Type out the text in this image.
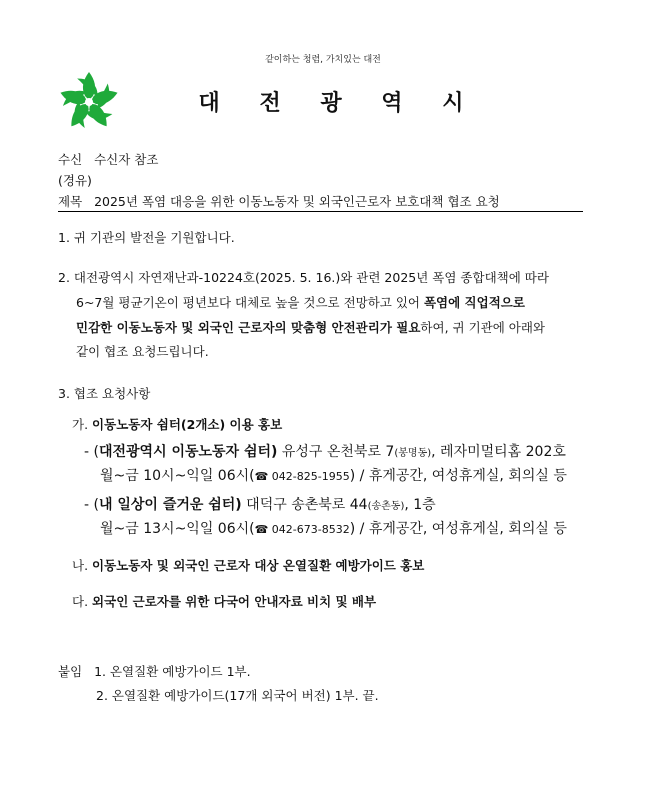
같이하는 청렴, 가치있는 대전
대 전 광 역 시
수신 수신자 참조
(경유)
제목 2025년 폭염 대응을 위한 이동노동자 및 외국인근로자 보호대책 협조 요청
1. 귀 기관의 발전을 기원합니다.
2. 대전광역시 자연재난과-10224호(2025. 5. 16.)와 관련 2025년 폭염 종합대책에 따라
6~7월 평균기온이 평년보다 대체로 높을 것으로 전망하고 있어 폭염에 직업적으로
민감한 이동노동자 및 외국인 근로자의 맞춤형 안전관리가 필요하여, 귀 기관에 아래와
같이 협조 요청드립니다.
3. 협조 요청사항
가. 이동노동자 쉼터(2개소) 이용 홍보
- (대전광역시 이동노동자 쉼터) 유성구 온천북로 7(봉명동), 레자미멀티홈 202호
월~금 10시~익일 06시(☎ 042-825-1955) / 휴게공간, 여성휴게실, 회의실 등
- (내 일상이 즐거운 쉼터) 대덕구 송촌북로 44(송촌동), 1층
월~금 13시~익일 06시(☎ 042-673-8532) / 휴게공간, 여성휴게실, 회의실 등
나. 이동노동자 및 외국인 근로자 대상 온열질환 예방가이드 홍보
다. 외국인 근로자를 위한 다국어 안내자료 비치 및 배부
붙임 1. 온열질환 예방가이드 1부.
2. 온열질환 예방가이드(17개 외국어 버전) 1부. 끝.
